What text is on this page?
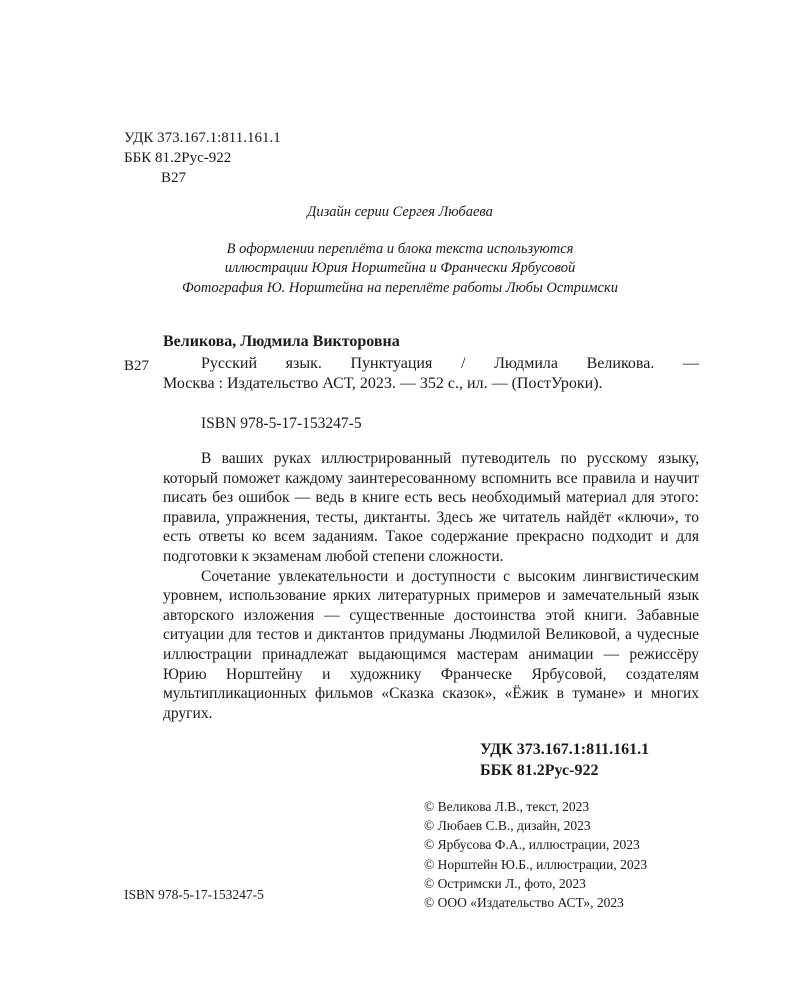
УДК 373.167.1:811.161.1
ББК 81.2Рус-922
В27
Дизайн серии Сергея Любаева
В оформлении переплёта и блока текста используются
иллюстрации Юрия Норштейна и Франчески Ярбусовой
Фотография Ю. Норштейна на переплёте работы Любы Остримски
Великова, Людмила Викторовна
В27	Русский язык. Пунктуация / Людмила Великова. —
Москва : Издательство АСТ, 2023. — 352 с., ил. — (ПостУроки).
ISBN 978-5-17-153247-5

В ваших руках иллюстрированный путеводитель по русскому языку, который поможет каждому заинтересованному вспомнить все правила и научит писать без ошибок — ведь в книге есть весь необходимый материал для этого: правила, упражнения, тесты, диктанты. Здесь же читатель найдёт «ключи», то есть ответы ко всем заданиям. Такое содержание прекрасно подходит и для подготовки к экзаменам любой степени сложности.

Сочетание увлекательности и доступности с высоким лингвистическим уровнем, использование ярких литературных примеров и замечательный язык авторского изложения — существенные достоинства этой книги. Забавные ситуации для тестов и диктантов придуманы Людмилой Великовой, а чудесные иллюстрации принадлежат выдающимся мастерам анимации — режиссёру Юрию Норштейну и художнику Франческе Ярбусовой, создателям мультипликационных фильмов «Сказка сказок», «Ёжик в тумане» и многих других.

УДК 373.167.1:811.161.1
ББК 81.2Рус-922
© Великова Л.В., текст, 2023
© Любаев С.В., дизайн, 2023
© Ярбусова Ф.А., иллюстрации, 2023
© Норштейн Ю.Б., иллюстрации, 2023
© Остримски Л., фото, 2023
© ООО «Издательство АСТ», 2023
ISBN 978-5-17-153247-5
